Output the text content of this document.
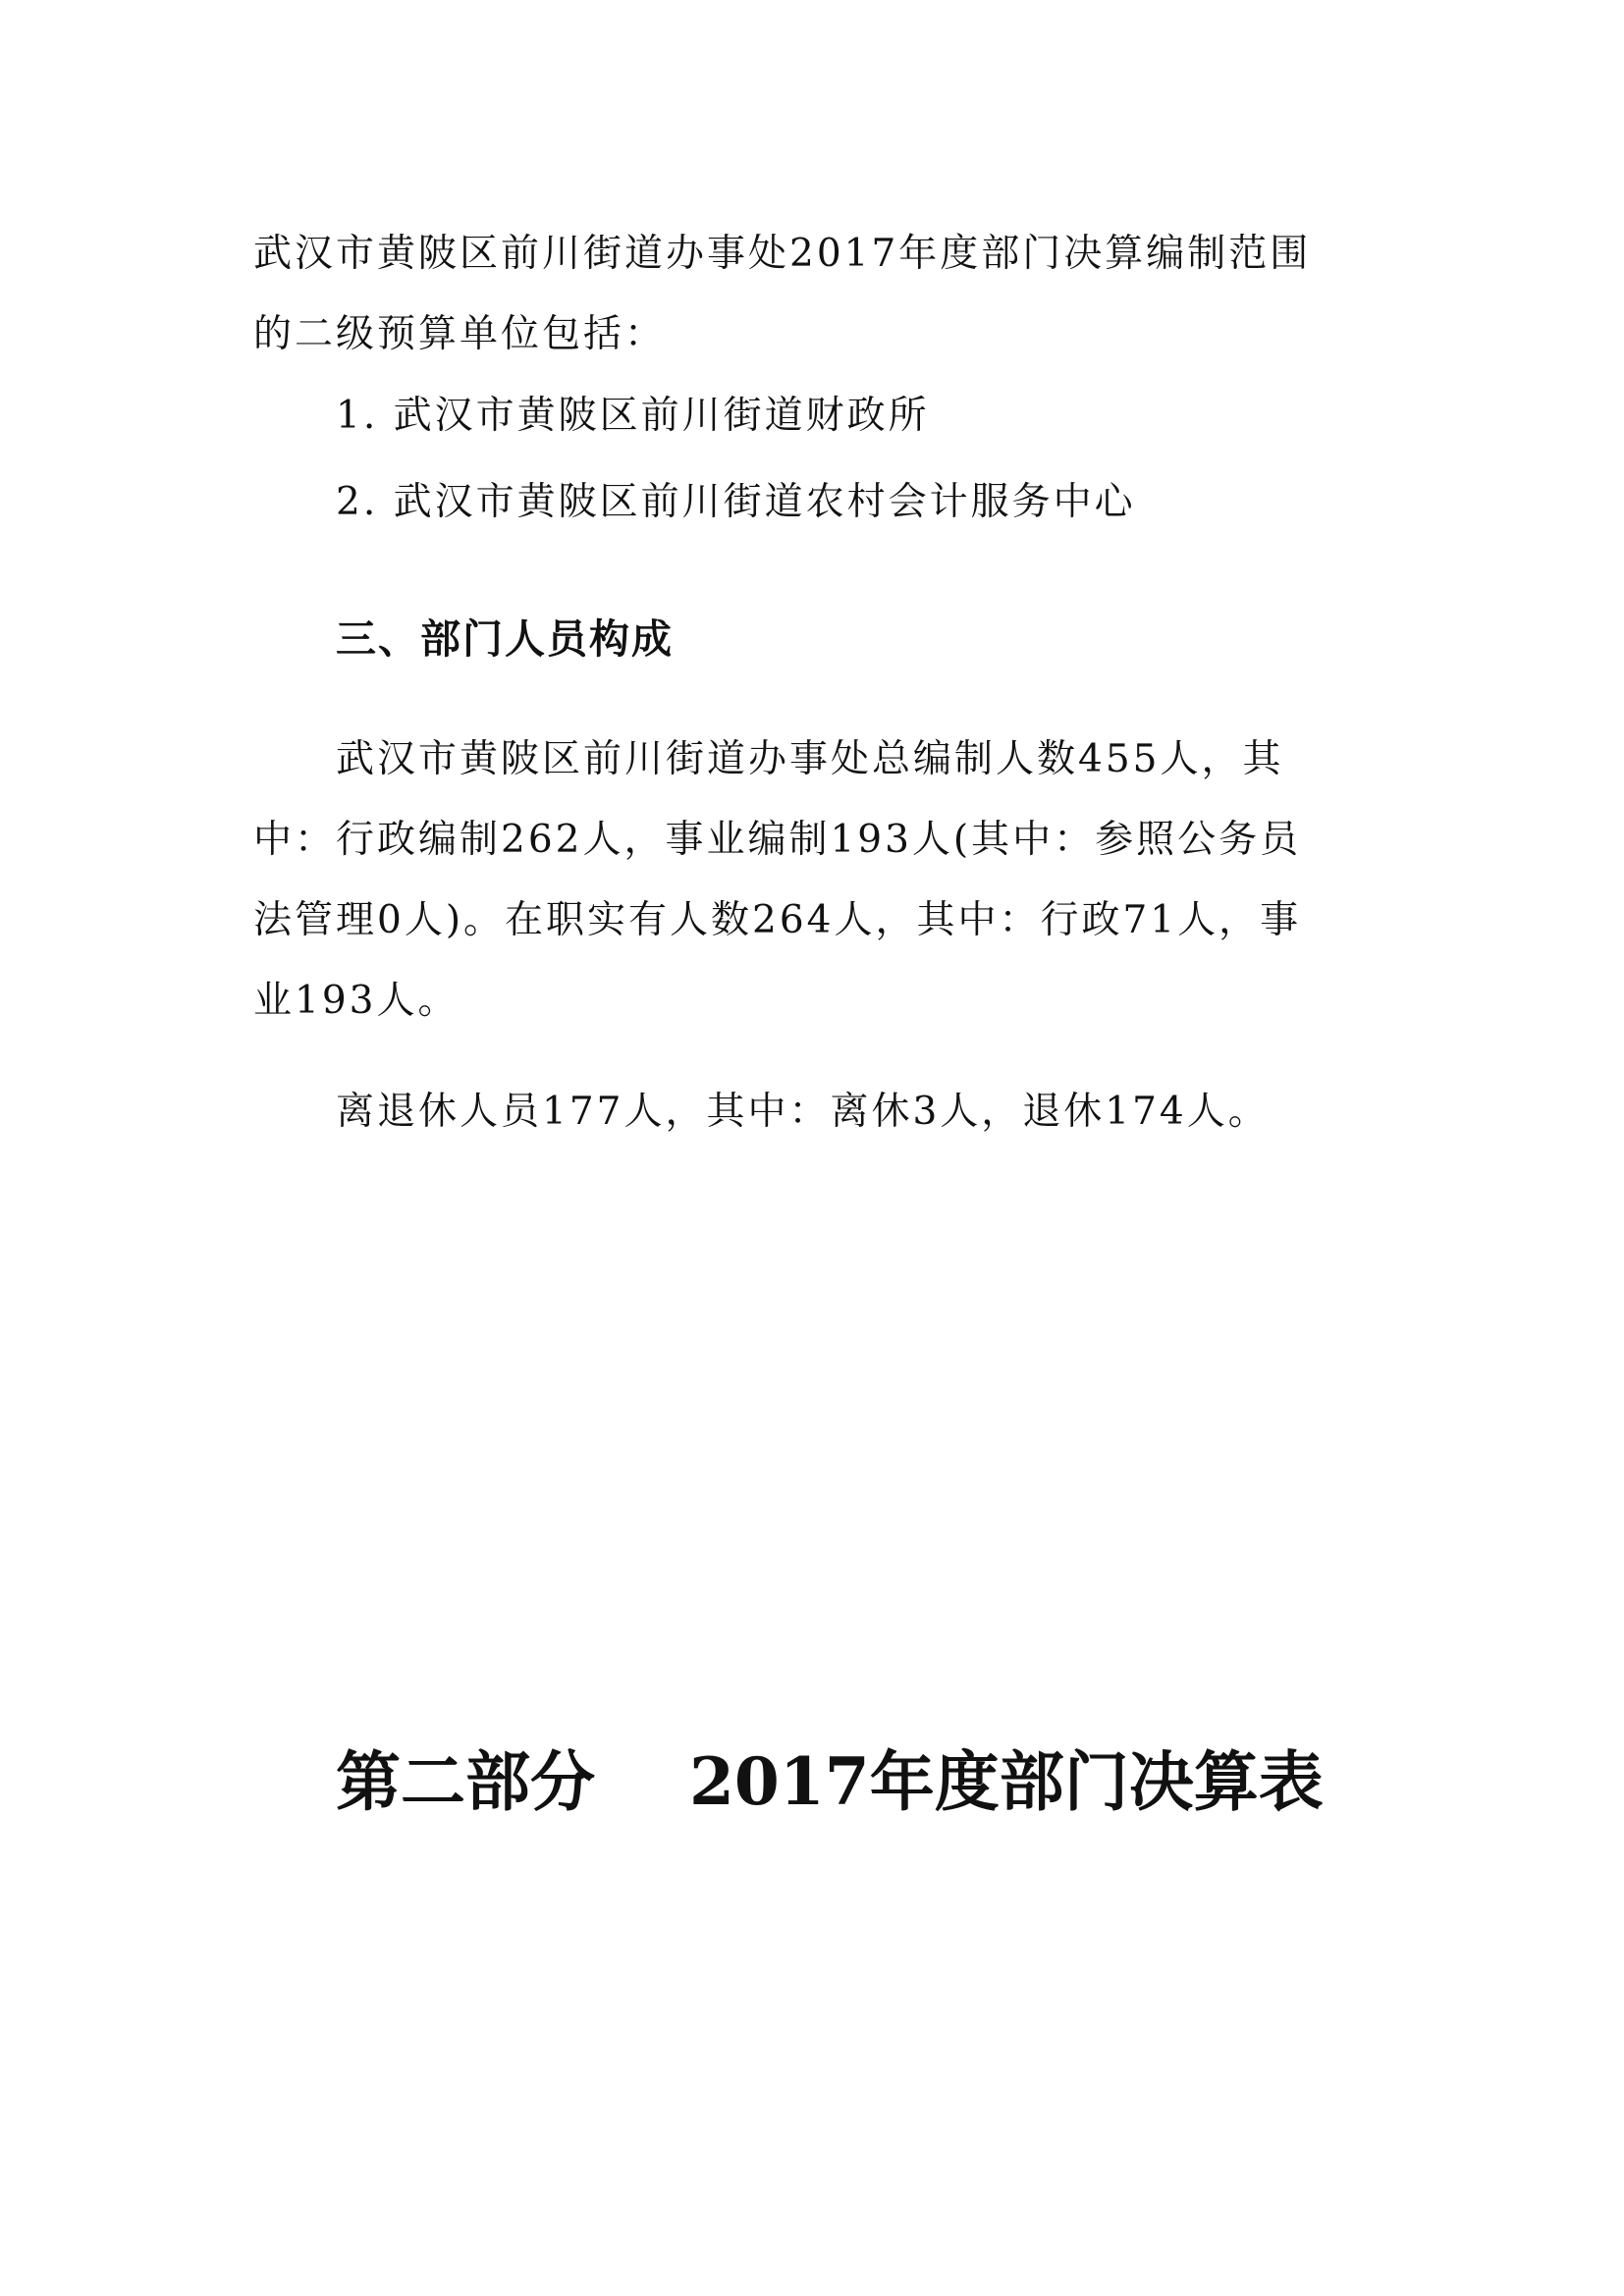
武汉市黄陂区前川街道办事处2017年度部门决算编制范围
的二级预算单位包括：
1. 武汉市黄陂区前川街道财政所
2. 武汉市黄陂区前川街道农村会计服务中心
三、部门人员构成
武汉市黄陂区前川街道办事处总编制人数455人，其
中：行政编制262人，事业编制193人(其中：参照公务员
法管理0人)。在职实有人数264人，其中：行政71人，事
业193人。
离退休人员177人，其中：离休3人，退休174人。
第二部分 2017年度部门决算表
